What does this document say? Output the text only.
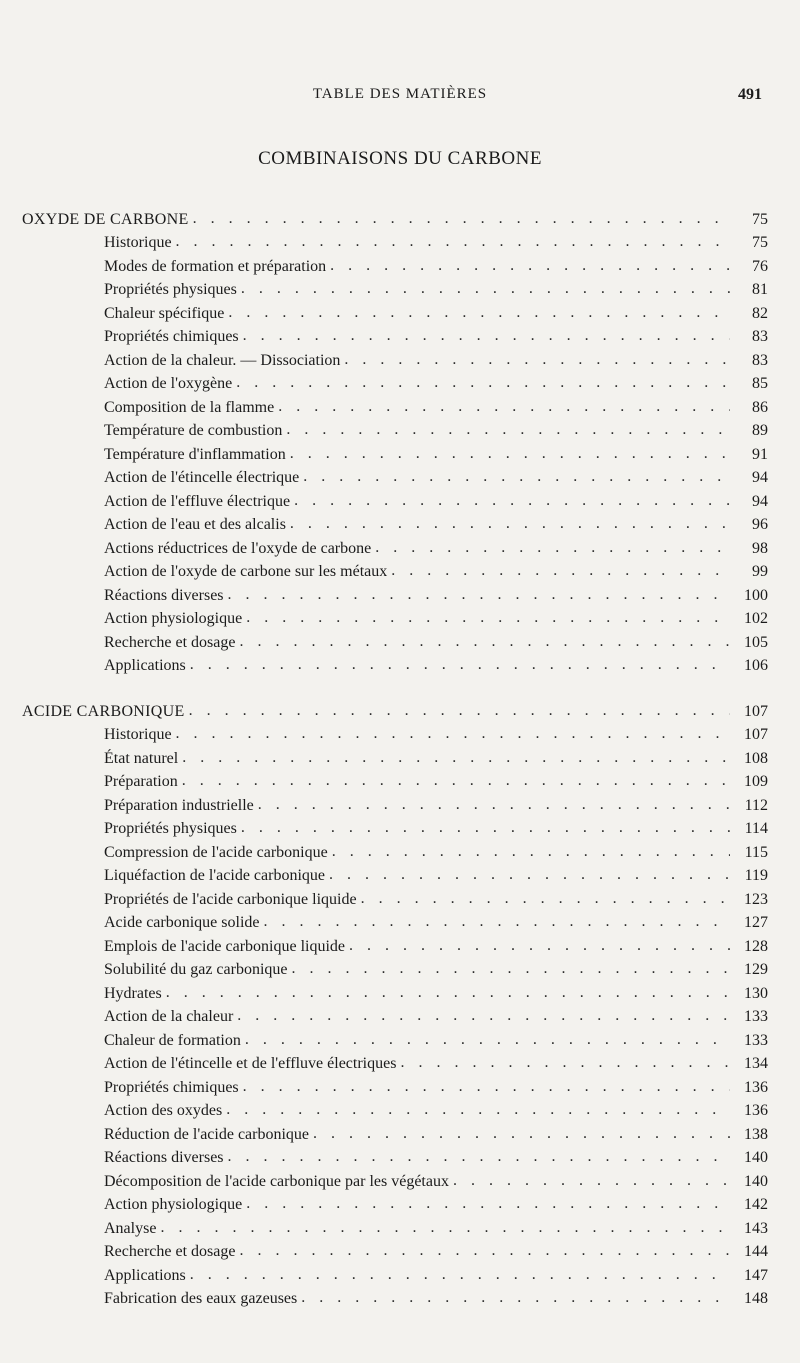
TABLE DES MATIÈRES	491
COMBINAISONS DU CARBONE
OXYDE DE CARBONE . . .	75
Historique . . .	75
Modes de formation et préparation . . .	76
Propriétés physiques . . .	81
Chaleur spécifique . . .	82
Propriétés chimiques . . .	83
Action de la chaleur. — Dissociation . . .	83
Action de l'oxygène . . .	85
Composition de la flamme . . .	86
Température de combustion . . .	89
Température d'inflammation . . .	91
Action de l'étincelle électrique . . .	94
Action de l'effluve électrique . . .	94
Action de l'eau et des alcalis . . .	96
Actions réductrices de l'oxyde de carbone . . .	98
Action de l'oxyde de carbone sur les métaux . . .	99
Réactions diverses . . .	100
Action physiologique . . .	102
Recherche et dosage . . .	105
Applications . . .	106
ACIDE CARBONIQUE . . .	107
Historique . . .	107
État naturel . . .	108
Préparation . . .	109
Préparation industrielle . . .	112
Propriétés physiques . . .	114
Compression de l'acide carbonique . . .	115
Liquéfaction de l'acide carbonique . . .	119
Propriétés de l'acide carbonique liquide . . .	123
Acide carbonique solide . . .	127
Emplois de l'acide carbonique liquide . . .	128
Solubilité du gaz carbonique . . .	129
Hydrates . . .	130
Action de la chaleur . . .	133
Chaleur de formation . . .	133
Action de l'étincelle et de l'effluve électriques . . .	134
Propriétés chimiques . . .	136
Action des oxydes . . .	136
Réduction de l'acide carbonique . . .	138
Réactions diverses . . .	140
Décomposition de l'acide carbonique par les végétaux . . .	140
Action physiologique . . .	142
Analyse . . .	143
Recherche et dosage . . .	144
Applications . . .	147
Fabrication des eaux gazeuses . . .	148
